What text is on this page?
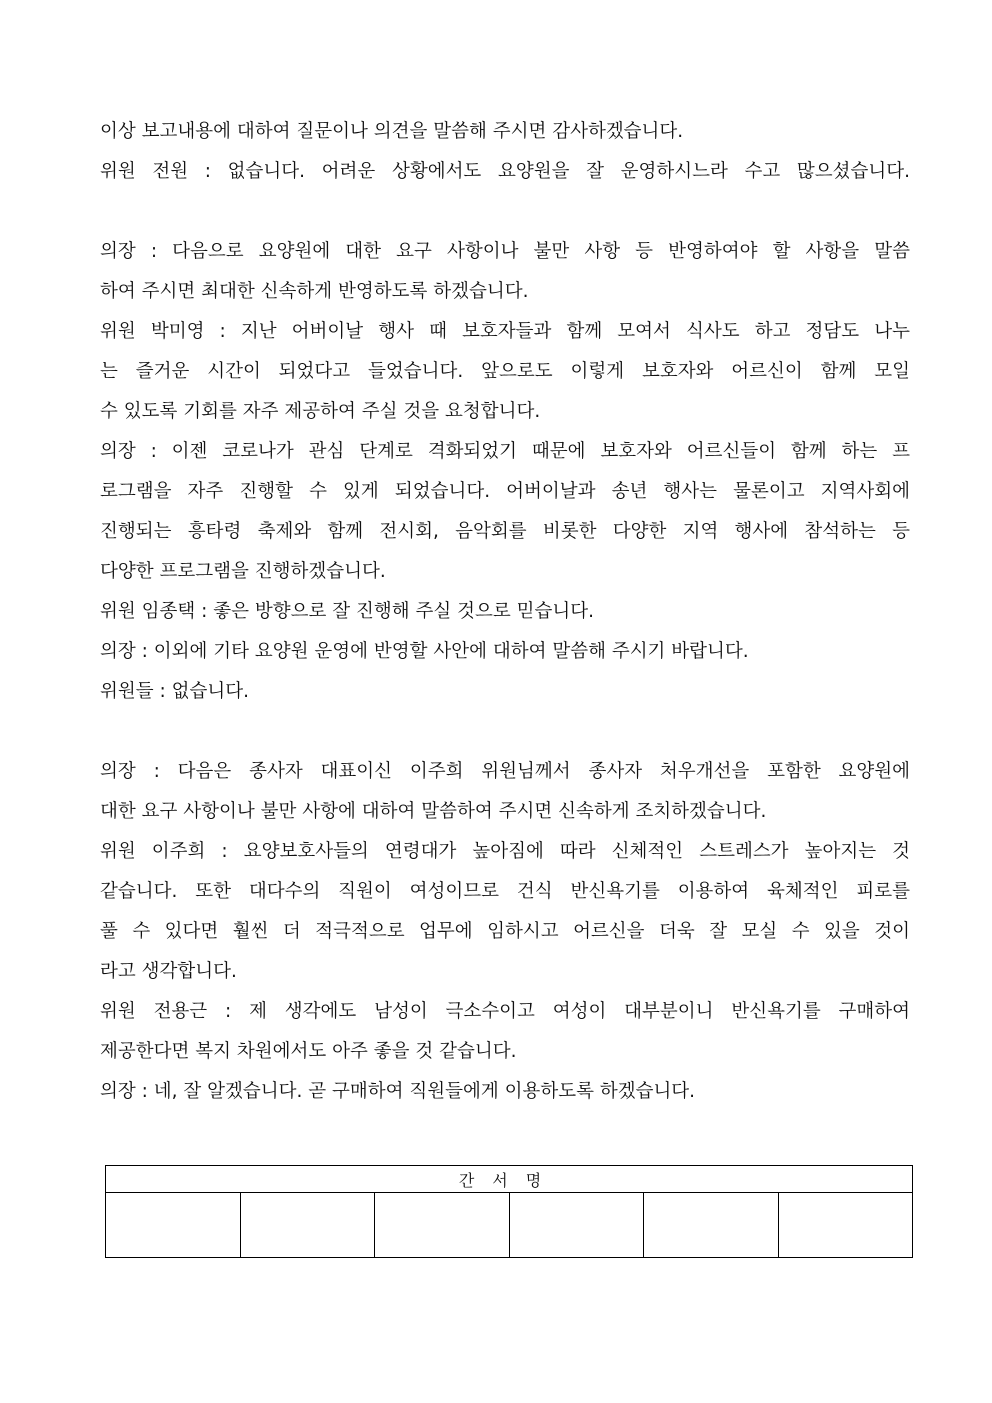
이상 보고내용에 대하여 질문이나 의견을 말씀해 주시면 감사하겠습니다.
위원 전원 : 없습니다. 어려운 상황에서도 요양원을 잘 운영하시느라 수고 많으셨습니다.
의장 : 다음으로 요양원에 대한 요구 사항이나 불만 사항 등 반영하여야 할 사항을 말씀
하여 주시면 최대한 신속하게 반영하도록 하겠습니다.
위원 박미영 : 지난 어버이날 행사 때 보호자들과 함께 모여서 식사도 하고 정담도 나누
는 즐거운 시간이 되었다고 들었습니다. 앞으로도 이렇게 보호자와 어르신이 함께 모일
수 있도록 기회를 자주 제공하여 주실 것을 요청합니다.
의장 : 이젠 코로나가 관심 단계로 격화되었기 때문에 보호자와 어르신들이 함께 하는 프
로그램을 자주 진행할 수 있게 되었습니다. 어버이날과 송년 행사는 물론이고 지역사회에
진행되는 흥타령 축제와 함께 전시회, 음악회를 비롯한 다양한 지역 행사에 참석하는 등
다양한 프로그램을 진행하겠습니다.
위원 임종택 : 좋은 방향으로 잘 진행해 주실 것으로 믿습니다.
의장 : 이외에 기타 요양원 운영에 반영할 사안에 대하여 말씀해 주시기 바랍니다.
위원들 : 없습니다.
의장 : 다음은 종사자 대표이신 이주희 위원님께서 종사자 처우개선을 포함한 요양원에
대한 요구 사항이나 불만 사항에 대하여 말씀하여 주시면 신속하게 조치하겠습니다.
위원 이주희 : 요양보호사들의 연령대가 높아짐에 따라 신체적인 스트레스가 높아지는 것
같습니다. 또한 대다수의 직원이 여성이므로 건식 반신욕기를 이용하여 육체적인 피로를
풀 수 있다면 훨씬 더 적극적으로 업무에 임하시고 어르신을 더욱 잘 모실 수 있을 것이
라고 생각합니다.
위원 전용근 : 제 생각에도 남성이 극소수이고 여성이 대부분이니 반신욕기를 구매하여
제공한다면 복지 차원에서도 아주 좋을 것 같습니다.
의장 : 네, 잘 알겠습니다. 곧 구매하여 직원들에게 이용하도록 하겠습니다.
간서명
